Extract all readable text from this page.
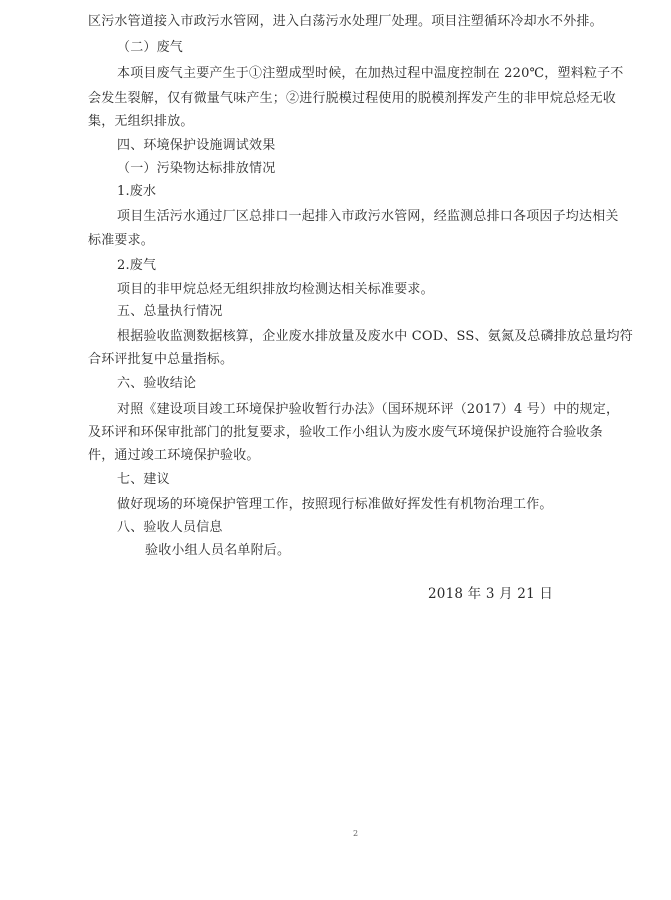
区污水管道接入市政污水管网，进入白荡污水处理厂处理。项目注塑循环冷却水不外排。
（二）废气
本项目废气主要产生于①注塑成型时候，在加热过程中温度控制在 220℃，塑料粒子不
会发生裂解，仅有微量气味产生；②进行脱模过程使用的脱模剂挥发产生的非甲烷总烃无收
集，无组织排放。
四、环境保护设施调试效果
（一）污染物达标排放情况
1.废水
项目生活污水通过厂区总排口一起排入市政污水管网，经监测总排口各项因子均达相关
标准要求。
2.废气
项目的非甲烷总烃无组织排放均检测达相关标准要求。
五、总量执行情况
根据验收监测数据核算，企业废水排放量及废水中 COD、SS、氨氮及总磷排放总量均符
合环评批复中总量指标。
六、验收结论
对照《建设项目竣工环境保护验收暂行办法》（国环规环评（2017）4 号）中的规定，
及环评和环保审批部门的批复要求，验收工作小组认为废水废气环境保护设施符合验收条
件，通过竣工环境保护验收。
七、建议
做好现场的环境保护管理工作，按照现行标准做好挥发性有机物治理工作。
八、验收人员信息
验收小组人员名单附后。
2018 年 3 月 21 日
2
